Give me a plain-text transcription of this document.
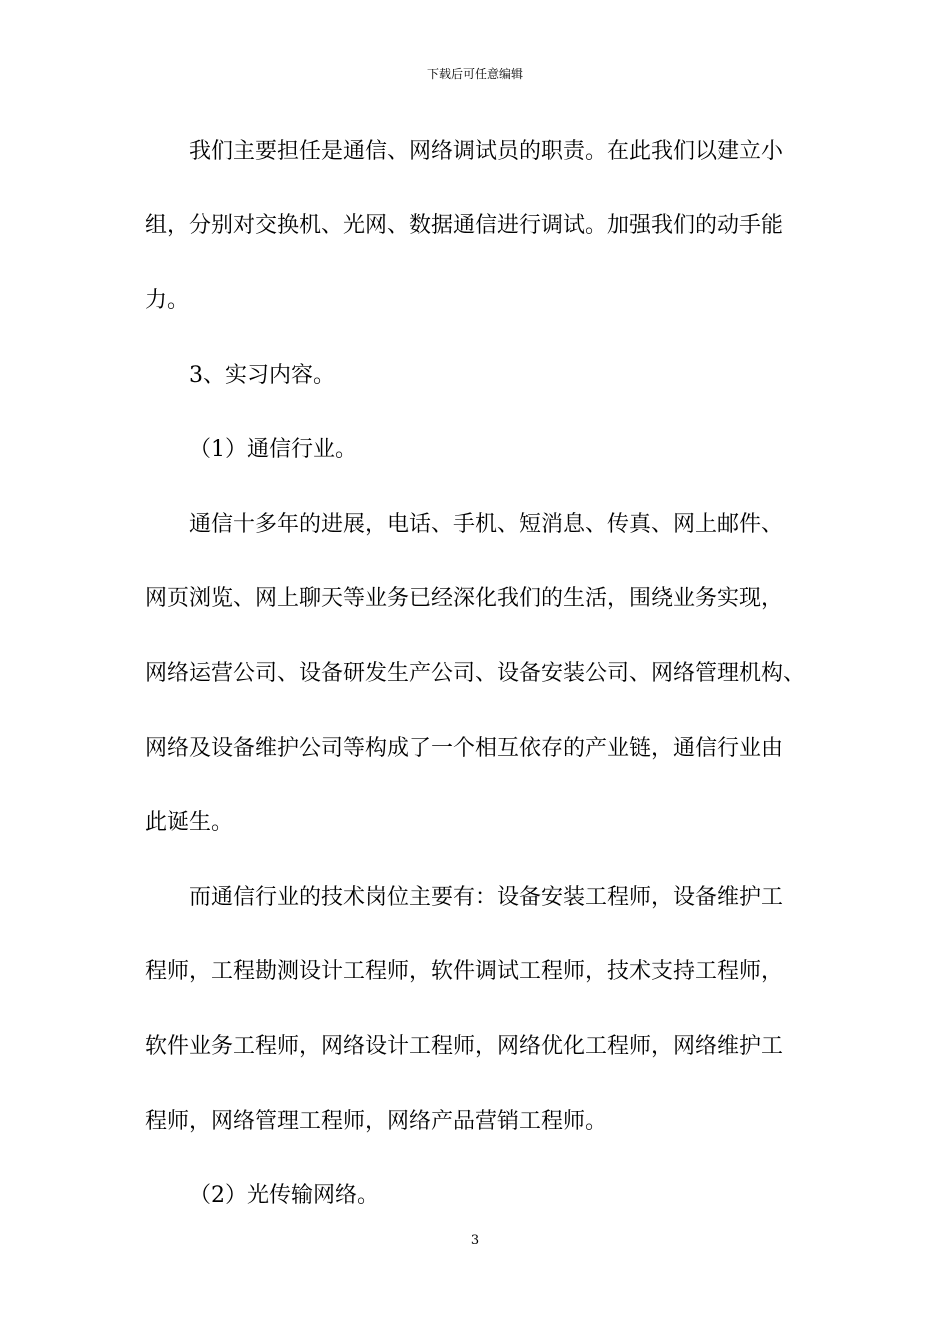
下载后可任意编辑
我们主要担任是通信、网络调试员的职责。在此我们以建立小
组，分别对交换机、光网、数据通信进行调试。加强我们的动手能
力。
3、实习内容。
（1）通信行业。
通信十多年的进展，电话、手机、短消息、传真、网上邮件、
网页浏览、网上聊天等业务已经深化我们的生活，围绕业务实现，
网络运营公司、设备研发生产公司、设备安装公司、网络管理机构、
网络及设备维护公司等构成了一个相互依存的产业链，通信行业由
此诞生。
而通信行业的技术岗位主要有：设备安装工程师，设备维护工
程师，工程勘测设计工程师，软件调试工程师，技术支持工程师，
软件业务工程师，网络设计工程师，网络优化工程师，网络维护工
程师，网络管理工程师，网络产品营销工程师。
（2）光传输网络。
3
